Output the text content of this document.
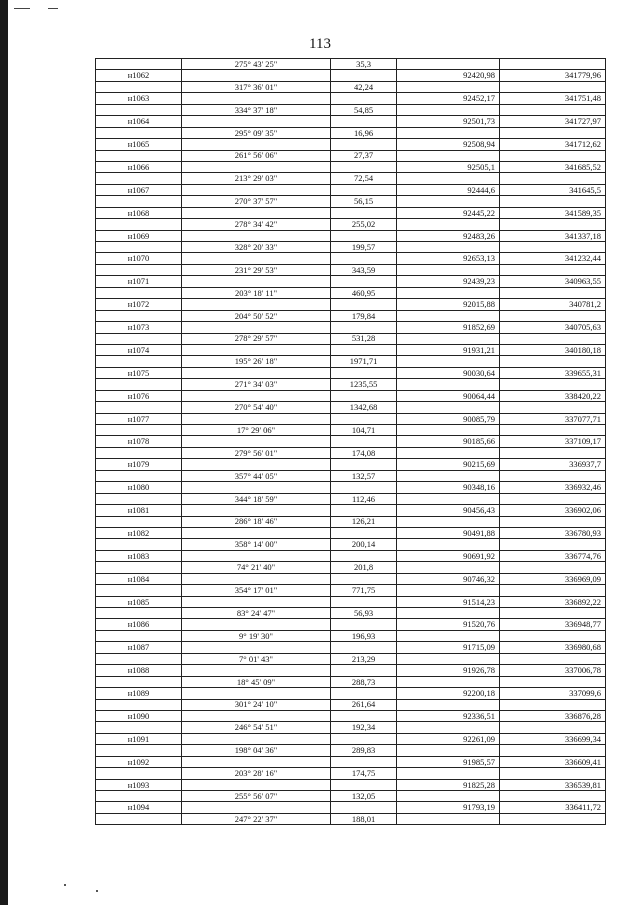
113
	275° 43' 25"	35,3		
н1062			92420,98	341779,96
	317° 36' 01"	42,24		
н1063			92452,17	341751,48
	334° 37' 18"	54,85		
н1064			92501,73	341727,97
	295° 09' 35"	16,96		
н1065			92508,94	341712,62
	261° 56' 06"	27,37		
н1066			92505,1	341685,52
	213° 29' 03"	72,54		
н1067			92444,6	341645,5
	270° 37' 57"	56,15		
н1068			92445,22	341589,35
	278° 34' 42"	255,02		
н1069			92483,26	341337,18
	328° 20' 33"	199,57		
н1070			92653,13	341232,44
	231° 29' 53"	343,59		
н1071			92439,23	340963,55
	203° 18' 11"	460,95		
н1072			92015,88	340781,2
	204° 50' 52"	179,84		
н1073			91852,69	340705,63
	278° 29' 57"	531,28		
н1074			91931,21	340180,18
	195° 26' 18"	1971,71		
н1075			90030,64	339655,31
	271° 34' 03"	1235,55		
н1076			90064,44	338420,22
	270° 54' 40"	1342,68		
н1077			90085,79	337077,71
	17° 29' 06"	104,71		
н1078			90185,66	337109,17
	279° 56' 01"	174,08		
н1079			90215,69	336937,7
	357° 44' 05"	132,57		
н1080			90348,16	336932,46
	344° 18' 59"	112,46		
н1081			90456,43	336902,06
	286° 18' 46"	126,21		
н1082			90491,88	336780,93
	358° 14' 00"	200,14		
н1083			90691,92	336774,76
	74° 21' 40"	201,8		
н1084			90746,32	336969,09
	354° 17' 01"	771,75		
н1085			91514,23	336892,22
	83° 24' 47"	56,93		
н1086			91520,76	336948,77
	9° 19' 30"	196,93		
н1087			91715,09	336980,68
	7° 01' 43"	213,29		
н1088			91926,78	337006,78
	18° 45' 09"	288,73		
н1089			92200,18	337099,6
	301° 24' 10"	261,64		
н1090			92336,51	336876,28
	246° 54' 51"	192,34		
н1091			92261,09	336699,34
	198° 04' 36"	289,83		
н1092			91985,57	336609,41
	203° 28' 16"	174,75		
н1093			91825,28	336539,81
	255° 56' 07"	132,05		
н1094			91793,19	336411,72
	247° 22' 37"	188,01		
